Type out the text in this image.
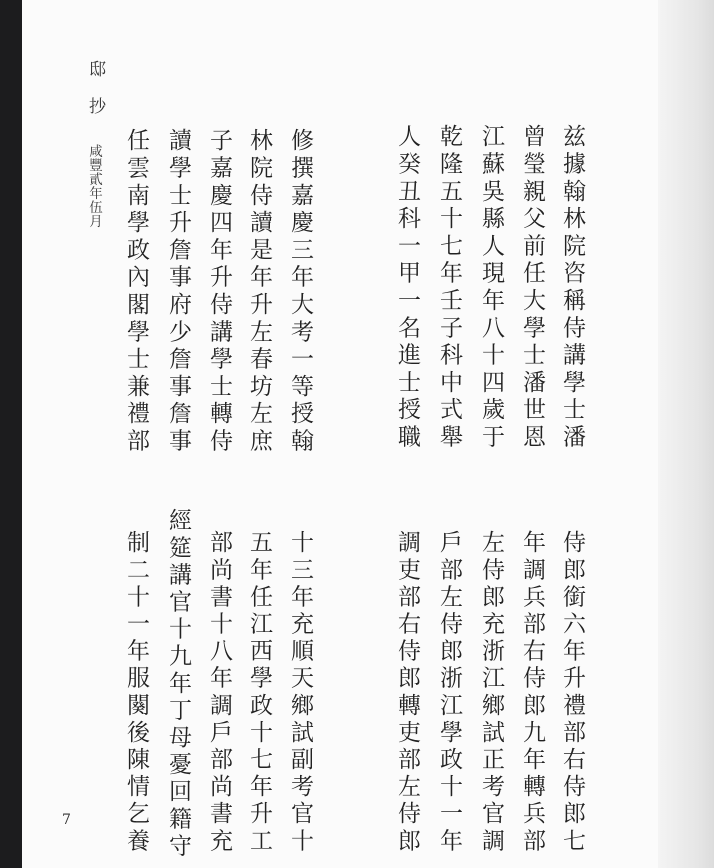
邸抄
咸豐貳年伍月	兹據翰林院咨稱侍講學士潘
曾瑩親父前任大學士潘世恩
江蘇吳縣人現年八十四歲于
乾隆五十七年壬子科中式舉
人癸丑科一甲一名進士授職
修撰嘉慶三年大考一等授翰
林院侍讀是年升左春坊左庶
子嘉慶四年升侍講學士轉侍
讀學士升詹事府少詹事詹事
任雲南學政內閣學士兼禮部
侍郎銜六年升禮部右侍郎七
年調兵部右侍郎九年轉兵部
左侍郎充浙江鄉試正考官調
戶部左侍郎浙江學政十一年
調吏部右侍郎轉吏部左侍郎
十三年充順天鄉試副考官十
五年任江西學政十七年升工
部尚書十八年調戶部尚書充
經筵講官十九年丁母憂回籍守
制二十一年服闋後陳情乞養
7
